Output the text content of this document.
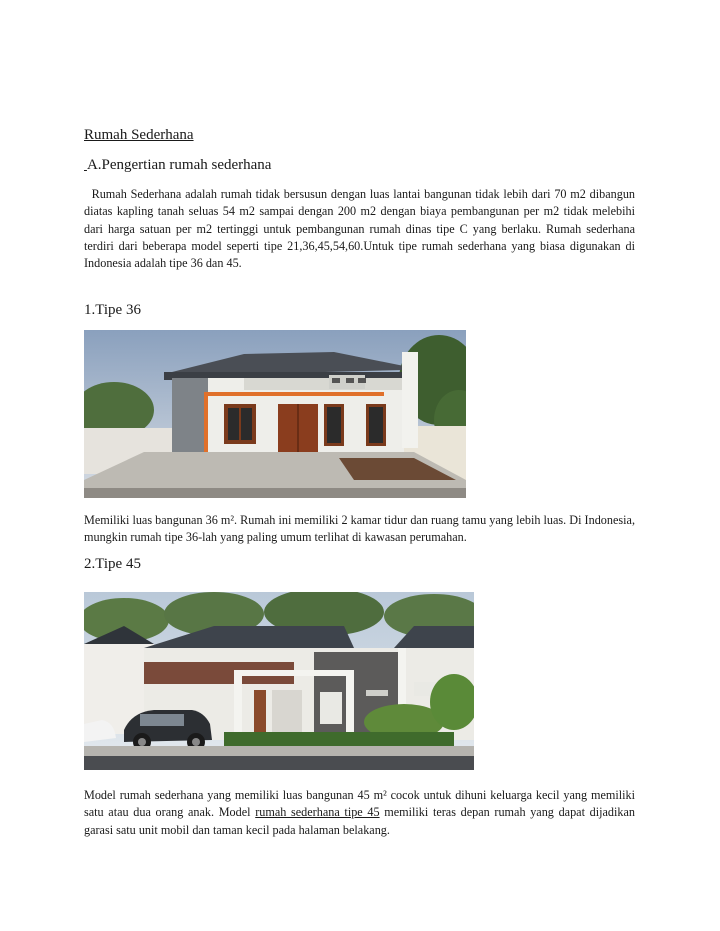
Rumah Sederhana
A.Pengertian rumah sederhana

Rumah Sederhana adalah rumah tidak bersusun dengan luas lantai bangunan tidak lebih dari 70 m2 dibangun diatas kapling tanah seluas 54 m2 sampai dengan 200 m2 dengan biaya pembangunan per m2 tidak melebihi dari harga satuan per m2 tertinggi untuk pembangunan rumah dinas tipe C yang berlaku. Rumah sederhana terdiri dari beberapa model seperti tipe 21,36,45,54,60.Untuk tipe rumah sederhana yang biasa digunakan di Indonesia adalah tipe 36 dan 45.

1.Tipe 36

Memiliki luas bangunan 36 m². Rumah ini memiliki 2 kamar tidur dan ruang tamu yang lebih luas. Di Indonesia, mungkin rumah tipe 36-lah yang paling umum terlihat di kawasan perumahan.

2.Tipe 45

Model rumah sederhana yang memiliki luas bangunan 45 m² cocok untuk dihuni keluarga kecil yang memiliki satu atau dua orang anak. Model rumah sederhana tipe 45 memiliki teras depan rumah yang dapat dijadikan garasi satu unit mobil dan taman kecil pada halaman belakang.
